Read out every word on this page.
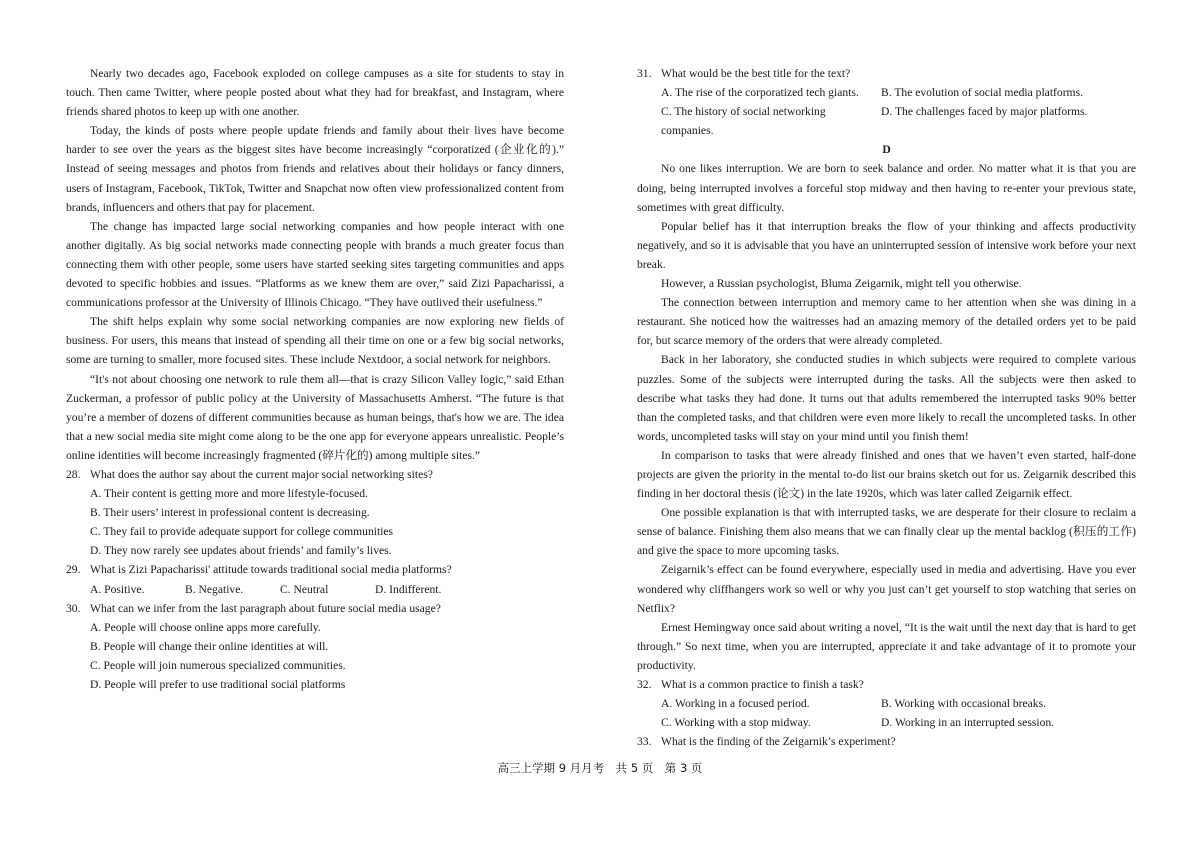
Nearly two decades ago, Facebook exploded on college campuses as a site for students to stay in touch. Then came Twitter, where people posted about what they had for breakfast, and Instagram, where friends shared photos to keep up with one another.

Today, the kinds of posts where people update friends and family about their lives have become harder to see over the years as the biggest sites have become increasingly “corporatized (企业化的).” Instead of seeing messages and photos from friends and relatives about their holidays or fancy dinners, users of Instagram, Facebook, TikTok, Twitter and Snapchat now often view professionalized content from brands, influencers and others that pay for placement.

The change has impacted large social networking companies and how people interact with one another digitally. As big social networks made connecting people with brands a much greater focus than connecting them with other people, some users have started seeking sites targeting communities and apps devoted to specific hobbies and issues. “Platforms as we knew them are over,” said Zizi Papacharissi, a communications professor at the University of Illinois Chicago. “They have outlived their usefulness.”

The shift helps explain why some social networking companies are now exploring new fields of business. For users, this means that instead of spending all their time on one or a few big social networks, some are turning to smaller, more focused sites. These include Nextdoor, a social network for neighbors.

“It's not about choosing one network to rule them all—that is crazy Silicon Valley logic,” said Ethan Zuckerman, a professor of public policy at the University of Massachusetts Amherst. “The future is that you’re a member of dozens of different communities because as human beings, that's how we are. The idea that a new social media site might come along to be the one app for everyone appears unrealistic. People’s online identities will become increasingly fragmented (碎片化的) among multiple sites.”

28. What does the author say about the current major social networking sites?

A. Their content is getting more and more lifestyle-focused.

B. Their users’ interest in professional content is decreasing.

C. They fail to provide adequate support for college communities

D. They now rarely see updates about friends’ and family’s lives.

29. What is Zizi Papacharissi' attitude towards traditional social media platforms?
A. Positive.	B. Negative.	C. Neutral	D. Indifferent.
30. What can we infer from the last paragraph about future social media usage?

A. People will choose online apps more carefully.

B. People will change their online identities at will.

C. People will join numerous specialized communities.

D. People will prefer to use traditional social platforms

31. What would be the best title for the text?
A. The rise of the corporatized tech giants.	B. The evolution of social media platforms.
C. The history of social networking companies.
D. The challenges faced by major platforms.

D

No one likes interruption. We are born to seek balance and order. No matter what it is that you are doing, being interrupted involves a forceful stop midway and then having to re-enter your previous state, sometimes with great difficulty.

Popular belief has it that interruption breaks the flow of your thinking and affects productivity negatively, and so it is advisable that you have an uninterrupted session of intensive work before your next break.

However, a Russian psychologist, Bluma Zeigarnik, might tell you otherwise.

The connection between interruption and memory came to her attention when she was dining in a restaurant. She noticed how the waitresses had an amazing memory of the detailed orders yet to be paid for, but scarce memory of the orders that were already completed.

Back in her laboratory, she conducted studies in which subjects were required to complete various puzzles. Some of the subjects were interrupted during the tasks. All the subjects were then asked to describe what tasks they had done. It turns out that adults remembered the interrupted tasks 90% better than the completed tasks, and that children were even more likely to recall the uncompleted tasks. In other words, uncompleted tasks will stay on your mind until you finish them!

In comparison to tasks that were already finished and ones that we haven’t even started, half-done projects are given the priority in the mental to-do list our brains sketch out for us. Zeigarnik described this finding in her doctoral thesis (论文) in the late 1920s, which was later called Zeigarnik effect.

One possible explanation is that with interrupted tasks, we are desperate for their closure to reclaim a sense of balance. Finishing them also means that we can finally clear up the mental backlog (积压的工作) and give the space to more upcoming tasks.

Zeigarnik’s effect can be found everywhere, especially used in media and advertising. Have you ever wondered why cliffhangers work so well or why you just can’t get yourself to stop watching that series on Netflix?

Ernest Hemingway once said about writing a novel, “It is the wait until the next day that is hard to get through.” So next time, when you are interrupted, appreciate it and take advantage of it to promote your productivity.

32. What is a common practice to finish a task?
A. Working in a focused period.	B. Working with occasional breaks.
C. Working with a stop midway.	D. Working in an interrupted session.
33. What is the finding of the Zeigarnik’s experiment?
高三上学期 9 月月考　共 5 页　第 3 页
